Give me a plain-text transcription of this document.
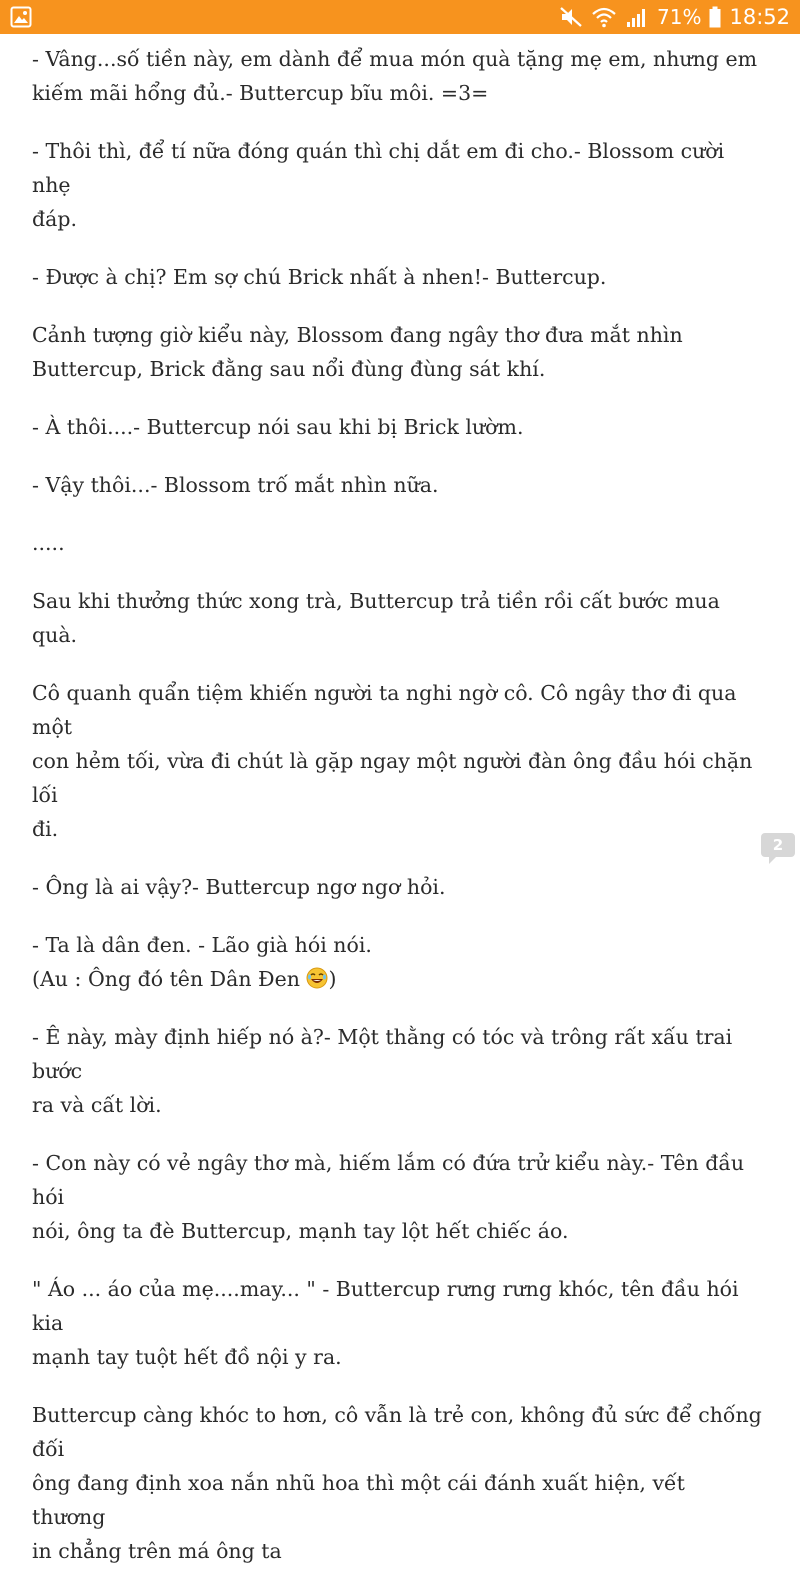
71% 18:52

- Vâng...số tiền này, em dành để mua món quà tặng mẹ em, nhưng em
kiếm mãi hổng đủ.- Buttercup bĩu môi. =3=

- Thôi thì, để tí nữa đóng quán thì chị dắt em đi cho.- Blossom cười nhẹ
đáp.

- Được à chị? Em sợ chú Brick nhất à nhen!- Buttercup.

Cảnh tượng giờ kiểu này, Blossom đang ngây thơ đưa mắt nhìn
Buttercup, Brick đằng sau nổi đùng đùng sát khí.

- À thôi....- Buttercup nói sau khi bị Brick lườm.

- Vậy thôi...- Blossom trố mắt nhìn nữa.

.....

Sau khi thưởng thức xong trà, Buttercup trả tiền rồi cất bước mua quà.

Cô quanh quẩn tiệm khiến người ta nghi ngờ cô. Cô ngây thơ đi qua một
con hẻm tối, vừa đi chút là gặp ngay một người đàn ông đầu hói chặn lối
đi.

- Ông là ai vậy?- Buttercup ngơ ngơ hỏi.

- Ta là dân đen. - Lão già hói nói.
(Au : Ông đó tên Dân Đen )

- Ê này, mày định hiếp nó à?- Một thằng có tóc và trông rất xấu trai bước
ra và cất lời.

- Con này có vẻ ngây thơ mà, hiếm lắm có đứa trử kiểu này.- Tên đầu hói
nói, ông ta đè Buttercup, mạnh tay lột hết chiếc áo.

" Áo ... áo của mẹ....may... " - Buttercup rưng rưng khóc, tên đầu hói kia
mạnh tay tuột hết đồ nội y ra.

Buttercup càng khóc to hơn, cô vẫn là trẻ con, không đủ sức để chống đối
ông đang định xoa nắn nhũ hoa thì một cái đánh xuất hiện, vết thương
in chẳng trên má ông ta

2
